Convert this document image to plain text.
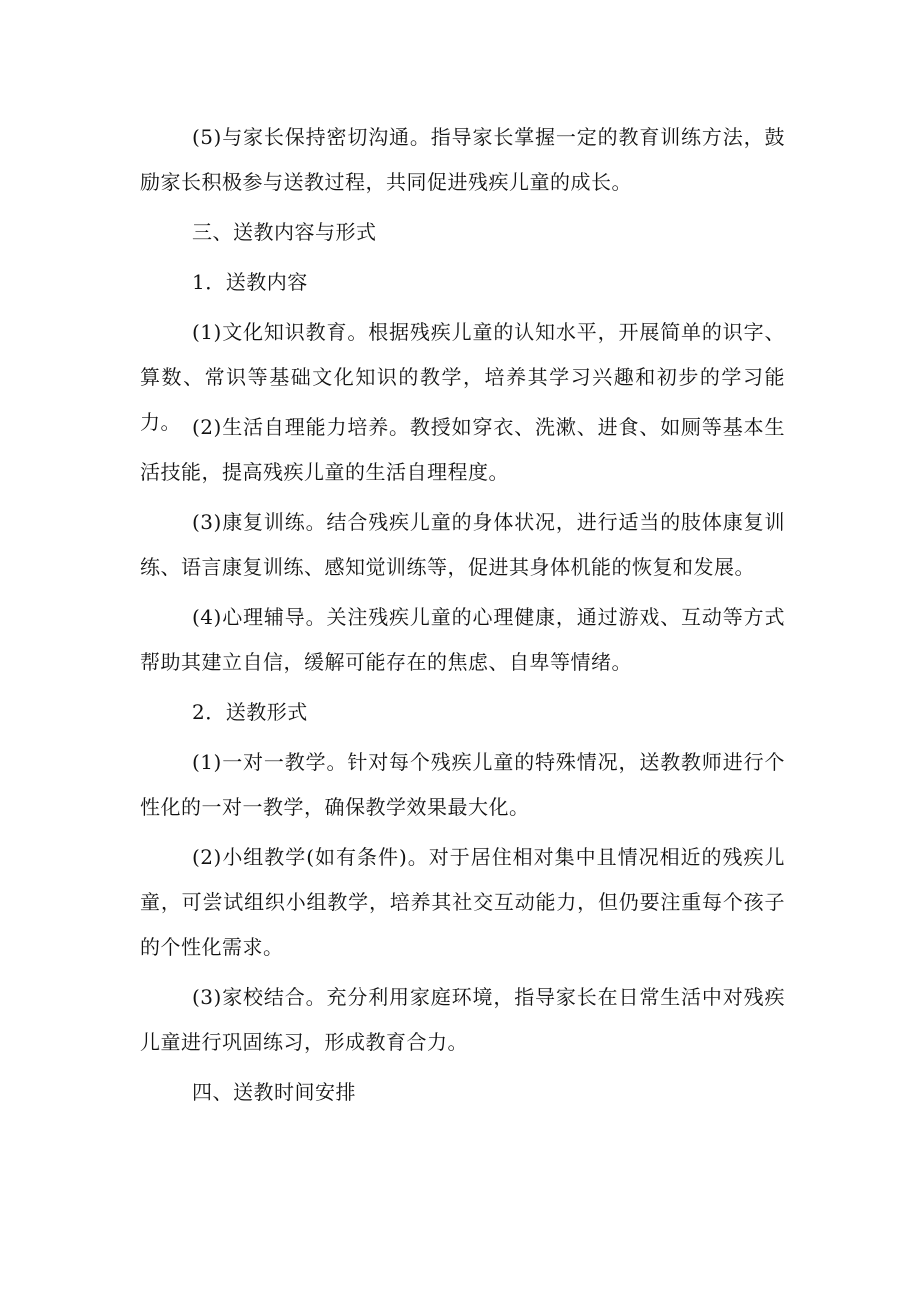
(5)与家长保持密切沟通。指导家长掌握一定的教育训练方法，鼓励家长积极参与送教过程，共同促进残疾儿童的成长。

三、送教内容与形式

1．送教内容

(1)文化知识教育。根据残疾儿童的认知水平，开展简单的识字、算数、常识等基础文化知识的教学，培养其学习兴趣和初步的学习能力。 (2)生活自理能力培养。教授如穿衣、洗漱、进食、如厕等基本生活技能，提高残疾儿童的生活自理程度。

(3)康复训练。结合残疾儿童的身体状况，进行适当的肢体康复训练、语言康复训练、感知觉训练等，促进其身体机能的恢复和发展。

(4)心理辅导。关注残疾儿童的心理健康，通过游戏、互动等方式帮助其建立自信，缓解可能存在的焦虑、自卑等情绪。

2．送教形式

(1)一对一教学。针对每个残疾儿童的特殊情况，送教教师进行个性化的一对一教学，确保教学效果最大化。

(2)小组教学(如有条件)。对于居住相对集中且情况相近的残疾儿童，可尝试组织小组教学，培养其社交互动能力，但仍要注重每个孩子的个性化需求。

(3)家校结合。充分利用家庭环境，指导家长在日常生活中对残疾儿童进行巩固练习，形成教育合力。

四、送教时间安排
